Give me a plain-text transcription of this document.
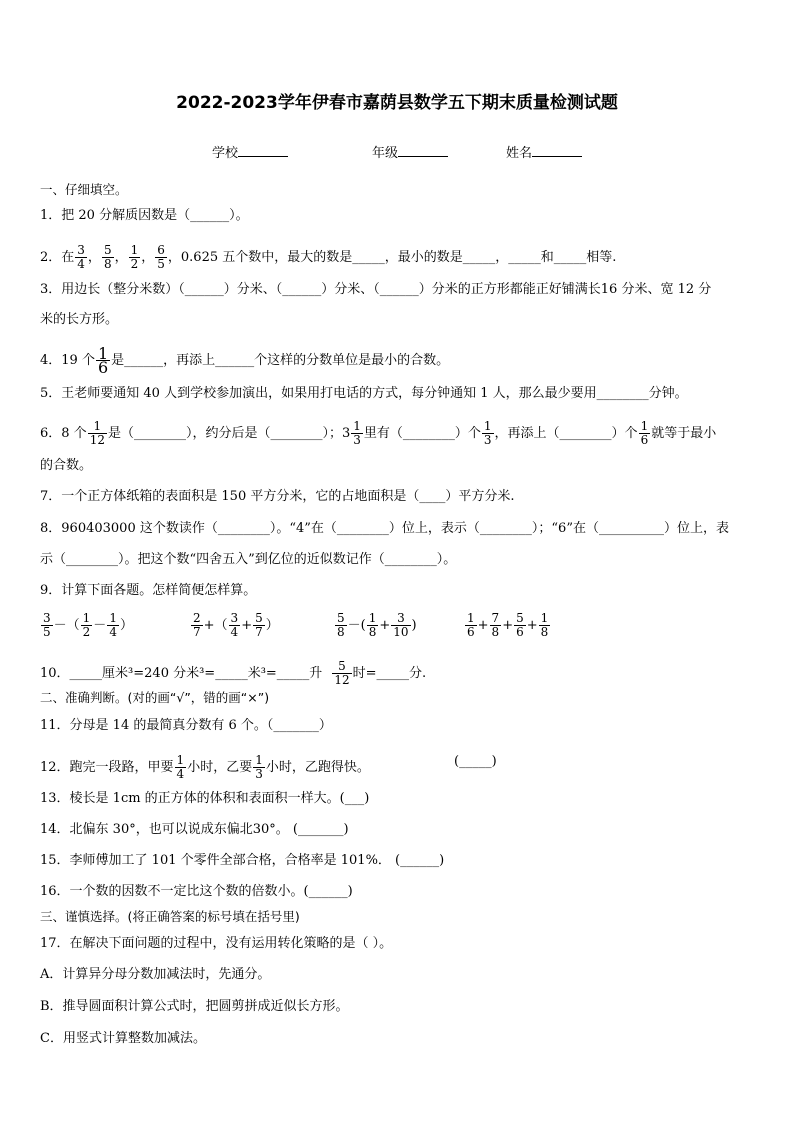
2022-2023学年伊春市嘉荫县数学五下期末质量检测试题
学校	年级	姓名
一、仔细填空。
1．把 20 分解质因数是（______）。
2．在 $\frac{3}{4}$ ， $\frac{5}{8}$ ， $\frac{1}{2}$ ， $\frac{6}{5}$ ，0.625 五个数中，最大的数是_____，最小的数是_____，_____和_____相等.
3．用边长（整分米数）（______）分米、（______）分米、（______）分米的正方形都能正好铺满长16 分米、宽 12 分
米的长方形。
4．19 个 $\frac{1}{6}$ 是______，再添上______个这样的分数单位是最小的合数。
5．王老师要通知 40 人到学校参加演出，如果用打电话的方式，每分钟通知 1 人，那么最少要用________分钟。
6．8 个 $\frac{1}{12}$ 是（________），约分后是（________）；$3 \frac{1}{3}$ 里有（________）个 $\frac{1}{3}$ ，再添上（________）个 $\frac{1}{6}$ 就等于最小
的合数。
7．一个正方体纸箱的表面积是 150 平方分米，它的占地面积是（____）平方分米.
8．960403000 这个数读作（________）。“4”在（________）位上，表示（________）；“6”在（__________）位上，表
示（________）。把这个数“四舍五入”到亿位的近似数记作（________）。
9．计算下面各题。怎样简便怎样算。
$\frac{3}{5}$ －（ $\frac{1}{2} - \frac{1}{4}$ ）	$\frac{2}{7}$ +（ $\frac{3}{4} + \frac{5}{7}$ ）	$\frac{5}{8}$ －( $\frac{1}{8} + \frac{3}{10}$ )	$\frac{1}{6} + \frac{7}{8} + \frac{5}{6} + \frac{1}{8}$
10．_____厘米³=240 分米³=_____米³=_____升 $\frac{5}{12}$ 时=_____分.
二、准确判断。(对的画“√”，错的画“×”)
11．分母是 14 的最简真分数有 6 个。（_______）
12．跑完一段路，甲要 $\frac{1}{4}$ 小时，乙要 $\frac{1}{3}$ 小时，乙跑得快。	(_____)
13．棱长是 1cm 的正方体的体积和表面积一样大。(___)
14．北偏东 30°，也可以说成东偏北30°。 (_______)
15．李师傅加工了 101 个零件全部合格，合格率是 101%． (______)
16．一个数的因数不一定比这个数的倍数小。(______)
三、谨慎选择。(将正确答案的标号填在括号里)
17．在解决下面问题的过程中，没有运用转化策略的是（ ）。
A．计算异分母分数加减法时，先通分。
B．推导圆面积计算公式时，把圆剪拼成近似长方形。
C．用竖式计算整数加减法。
